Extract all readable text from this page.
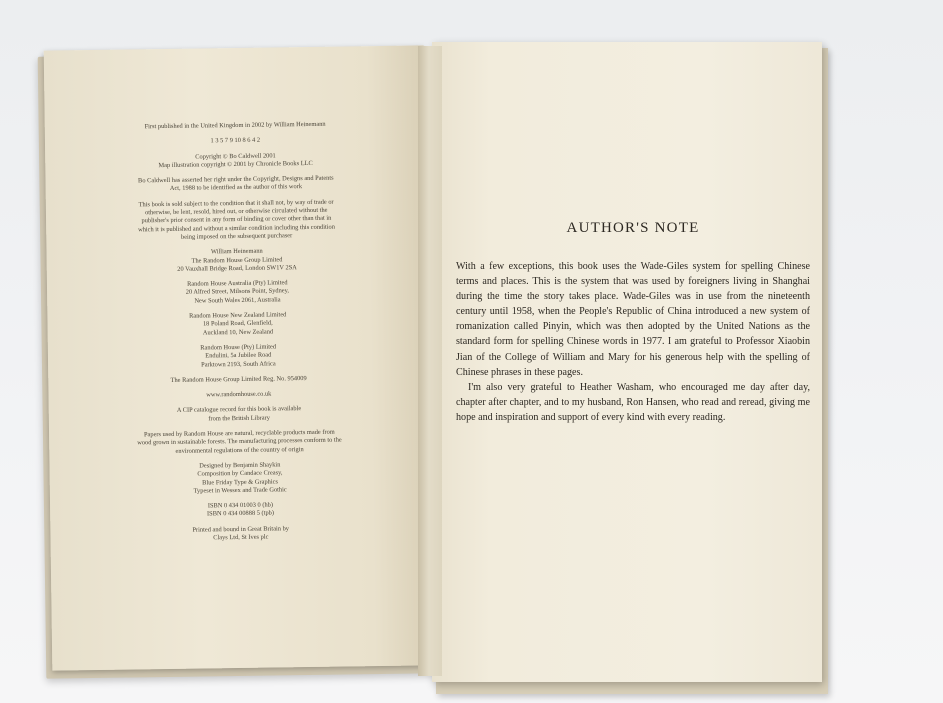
First published in the United Kingdom in 2002 by William Heinemann

1 3 5 7 9 10 8 6 4 2

Copyright © Bo Caldwell 2001
Map illustration copyright © 2001 by Chronicle Books LLC

Bo Caldwell has asserted her right under the Copyright, Designs and Patents
Act, 1988 to be identified as the author of this work

This book is sold subject to the condition that it shall not, by way of trade or
otherwise, be lent, resold, hired out, or otherwise circulated without the
publisher's prior consent in any form of binding or cover other than that in
which it is published and without a similar condition including this condition
being imposed on the subsequent purchaser

William Heinemann
The Random House Group Limited
20 Vauxhall Bridge Road, London SW1V 2SA

Random House Australia (Pty) Limited
20 Alfred Street, Milsons Point, Sydney,
New South Wales 2061, Australia

Random House New Zealand Limited
18 Poland Road, Glenfield,
Auckland 10, New Zealand

Random House (Pty) Limited
Endulini, 5a Jubilee Road
Parktown 2193, South Africa

The Random House Group Limited Reg. No. 954009

www.randomhouse.co.uk

A CIP catalogue record for this book is available
from the British Library

Papers used by Random House are natural, recyclable products made from
wood grown in sustainable forests. The manufacturing processes conform to the
environmental regulations of the country of origin

Designed by Benjamin Shaykin
Composition by Candace Creasy,
Blue Friday Type & Graphics
Typeset in Wessex and Trade Gothic

ISBN 0 434 01003 0 (hb)
ISBN 0 434 00888 5 (tpb)

Printed and bound in Great Britain by
Clays Ltd, St Ives plc

AUTHOR'S NOTE

With a few exceptions, this book uses the Wade-Giles system for spelling Chinese terms and places. This is the system that was used by foreigners living in Shanghai during the time the story takes place. Wade-Giles was in use from the nineteenth century until 1958, when the People's Republic of China introduced a new system of romanization called Pinyin, which was then adopted by the United Nations as the standard form for spelling Chinese words in 1977. I am grateful to Professor Xiaobin Jian of the College of William and Mary for his generous help with the spelling of Chinese phrases in these pages.

I'm also very grateful to Heather Washam, who encouraged me day after day, chapter after chapter, and to my husband, Ron Hansen, who read and reread, giving me hope and inspiration and support of every kind with every reading.
